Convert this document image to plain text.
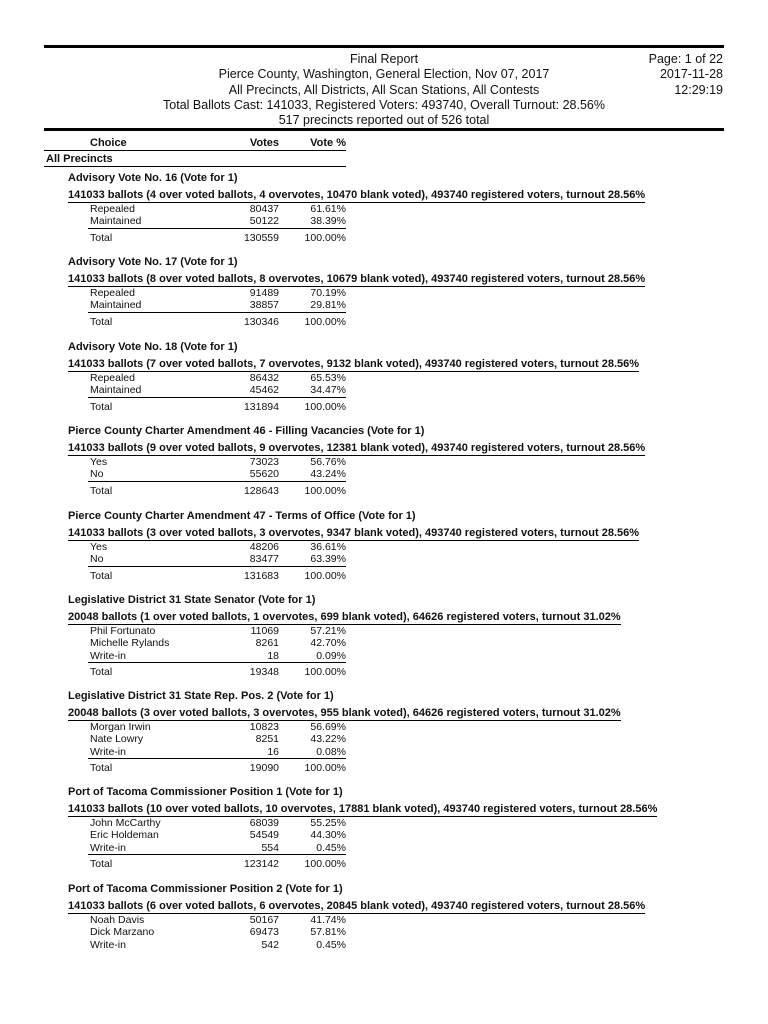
Final Report
Pierce County, Washington, General Election, Nov 07, 2017
All Precincts, All Districts, All Scan Stations, All Contests
Total Ballots Cast: 141033, Registered Voters: 493740, Overall Turnout: 28.56%
517 precincts reported out of 526 total
Page: 1 of 22
2017-11-28
12:29:19
Choice	Votes	Vote %
All Precincts
Advisory Vote No. 16 (Vote for 1)
141033 ballots (4 over voted ballots, 4 overvotes, 10470 blank voted), 493740 registered voters, turnout 28.56%
Repealed	80437	61.61%
Maintained	50122	38.39%
Total	130559	100.00%
Advisory Vote No. 17 (Vote for 1)
141033 ballots (8 over voted ballots, 8 overvotes, 10679 blank voted), 493740 registered voters, turnout 28.56%
Repealed	91489	70.19%
Maintained	38857	29.81%
Total	130346	100.00%
Advisory Vote No. 18 (Vote for 1)
141033 ballots (7 over voted ballots, 7 overvotes, 9132 blank voted), 493740 registered voters, turnout 28.56%
Repealed	86432	65.53%
Maintained	45462	34.47%
Total	131894	100.00%
Pierce County Charter Amendment 46 - Filling Vacancies (Vote for 1)
141033 ballots (9 over voted ballots, 9 overvotes, 12381 blank voted), 493740 registered voters, turnout 28.56%
Yes	73023	56.76%
No	55620	43.24%
Total	128643	100.00%
Pierce County Charter Amendment 47 - Terms of Office (Vote for 1)
141033 ballots (3 over voted ballots, 3 overvotes, 9347 blank voted), 493740 registered voters, turnout 28.56%
Yes	48206	36.61%
No	83477	63.39%
Total	131683	100.00%
Legislative District 31 State Senator (Vote for 1)
20048 ballots (1 over voted ballots, 1 overvotes, 699 blank voted), 64626 registered voters, turnout 31.02%
Phil Fortunato	11069	57.21%
Michelle Rylands	8261	42.70%
Write-in	18	0.09%
Total	19348	100.00%
Legislative District 31 State Rep. Pos. 2 (Vote for 1)
20048 ballots (3 over voted ballots, 3 overvotes, 955 blank voted), 64626 registered voters, turnout 31.02%
Morgan Irwin	10823	56.69%
Nate Lowry	8251	43.22%
Write-in	16	0.08%
Total	19090	100.00%
Port of Tacoma Commissioner Position 1 (Vote for 1)
141033 ballots (10 over voted ballots, 10 overvotes, 17881 blank voted), 493740 registered voters, turnout 28.56%
John McCarthy	68039	55.25%
Eric Holdeman	54549	44.30%
Write-in	554	0.45%
Total	123142	100.00%
Port of Tacoma Commissioner Position 2 (Vote for 1)
141033 ballots (6 over voted ballots, 6 overvotes, 20845 blank voted), 493740 registered voters, turnout 28.56%
Noah Davis	50167	41.74%
Dick Marzano	69473	57.81%
Write-in	542	0.45%
